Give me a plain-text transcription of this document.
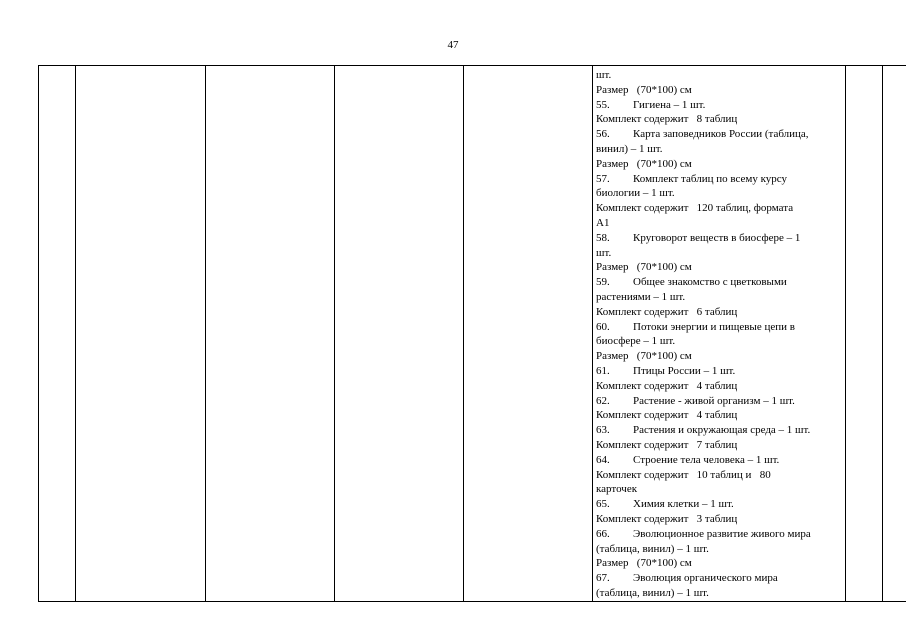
47

шт.
Размер   (70*100) см
55. Гигиена – 1 шт.
Комплект содержит   8 таблиц
56. Карта заповедников России (таблица,
винил) – 1 шт.
Размер   (70*100) см
57. Комплект таблиц по всему курсу
биологии – 1 шт.
Комплект содержит   120 таблиц, формата
А1
58. Круговорот веществ в биосфере – 1
шт.
Размер   (70*100) см
59. Общее знакомство с цветковыми
растениями – 1 шт.
Комплект содержит   6 таблиц
60. Потоки энергии и пищевые цепи в
биосфере – 1 шт.
Размер   (70*100) см
61. Птицы России – 1 шт.
Комплект содержит   4 таблиц
62. Растение - живой организм – 1 шт.
Комплект содержит   4 таблиц
63. Растения и окружающая среда – 1 шт.
Комплект содержит   7 таблиц
64. Строение тела человека – 1 шт.
Комплект содержит   10 таблиц и   80
карточек
65. Химия клетки – 1 шт.
Комплект содержит   3 таблиц
66. Эволюционное развитие живого мира
(таблица, винил) – 1 шт.
Размер   (70*100) см
67. Эволюция органического мира
(таблица, винил) – 1 шт.
